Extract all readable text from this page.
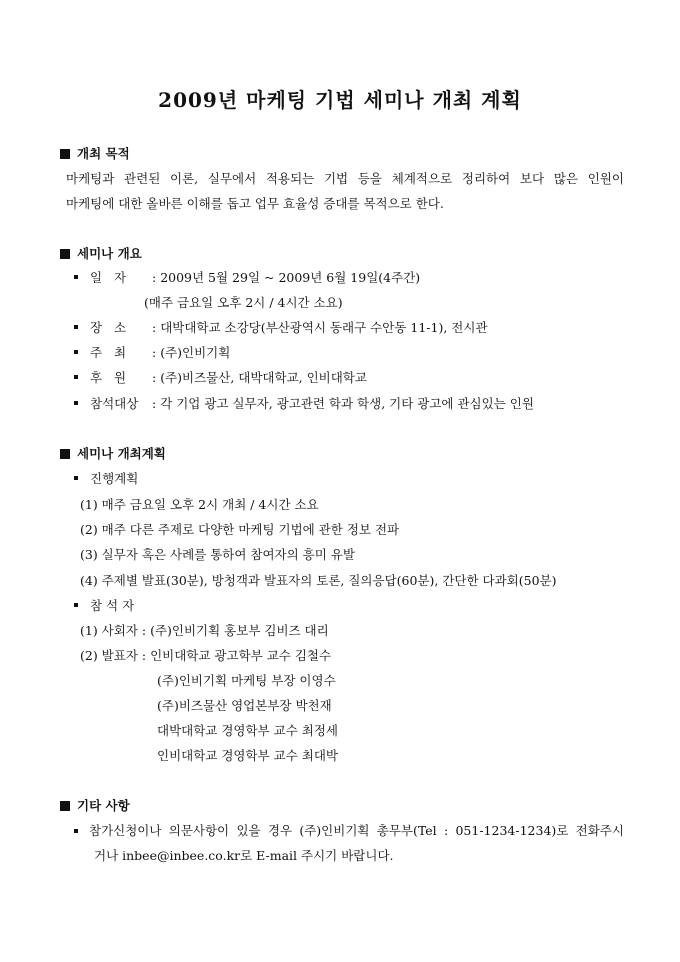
2009년 마케팅 기법 세미나 개최 계획
개최 목적
마케팅과 관련된 이론, 실무에서 적용되는 기법 등을 체계적으로 정리하여 보다 많은 인원이
마케팅에 대한 올바른 이해를 돕고 업무 효율성 증대를 목적으로 한다.
세미나 개요
일   자 : 2009년 5월 29일 ~ 2009년 6월 19일(4주간)
(매주 금요일 오후 2시 / 4시간 소요)
장   소 : 대박대학교 소강당(부산광역시 동래구 수안동 11-1), 전시관
주   최 : (주)인비기획
후   원 : (주)비즈물산, 대박대학교, 인비대학교
참석대상 : 각 기업 광고 실무자, 광고관련 학과 학생, 기타 광고에 관심있는 인원
세미나 개최계획
진행계획
(1) 매주 금요일 오후 2시 개최 / 4시간 소요
(2) 매주 다른 주제로 다양한 마케팅 기법에 관한 정보 전파
(3) 실무자 혹은 사례를 통하여 참여자의 흥미 유발
(4) 주제별 발표(30분), 방청객과 발표자의 토론, 질의응답(60분), 간단한 다과회(50분)
참 석 자
(1) 사회자 : (주)인비기획 홍보부 김비즈 대리
(2) 발표자 : 인비대학교 광고학부 교수 김철수
(주)인비기획 마케팅 부장 이영수
(주)비즈물산 영업본부장 박천재
대박대학교 경영학부 교수 최정세
인비대학교 경영학부 교수 최대박
기타 사항
참가신청이나 의문사항이 있을 경우 (주)인비기획 총무부(Tel : 051-1234-1234)로 전화주시
거나 inbee@inbee.co.kr로 E-mail 주시기 바랍니다.
